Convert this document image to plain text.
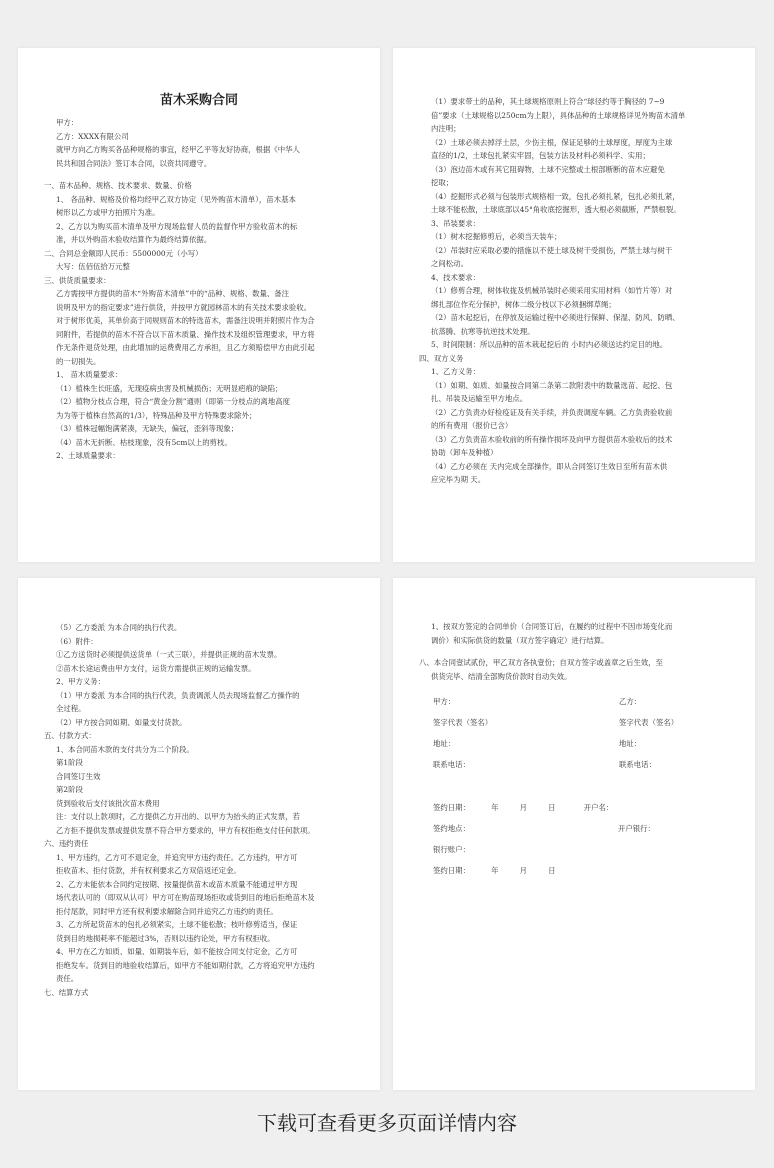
苗木采购合同
甲方：
乙方：XXXX有限公司
就甲方向乙方购买各品种规格的事宜，经甲乙平等友好协商，根据《中华人
民共和国合同法》签订本合同，以资共同遵守。
一、苗木品种、规格、技术要求、数量、价格
1、 各品种、规格及价格均经甲乙双方协定（见外购苗木清单），苗木基本
树形以乙方或甲方拍照片为准。
2、乙方以为购买苗木清单及甲方现场监督人员的监督作甲方验收苗木的标
准，并以外购苗木验收结算作为最终结算依据。
二、合同总金额即人民币：5500000元（小写）
大写：伍佰伍拾万元整
三、供货质量要求：
乙方需按甲方提供的苗木“外购苗木清单”中的“品种、规格、数量、备注
说明及甲方的指定要求”进行供货，并按甲方就园林苗木的有关技术要求验收。
对于树形优美，其单价高于同规则苗木的特选苗木，需备注说明并附照片作为合
同附件，若提供的苗木不符合以下苗木质量、操作技术及组织管理要求，甲方将
作无条件退货处理，由此增加的运费费用乙方承担，且乙方须赔偿甲方由此引起
的一切损失。
1、 苗木质量要求：
（1）植株生长旺盛，无现疫病虫害及机械损伤；无明显疤痕的缺陷；
（2）植物分枝点合理，符合“黄金分割”通则（即第一分枝点的离地高度
为为等于植株自然高的1/3），特殊品种及甲方特殊要求除外；
（3）植株冠幅饱满紧凑，无缺失，偏冠，歪斜等现象；
（4）苗木无折断、枯枝现象，没有5cm以上的剪枝。
2、土球质量要求：
（1）要求带土的品种，其土球规格原则上符合“球径约等于胸径的 7~9
倍”要求（土球规格以250cm为上限），具体品种的土球规格详见外购苗木清单
内注明；
（2）土球必须去掉浮土层，少伤主根，保证足够的土球厚度，厚度为主球
直径的1/2，土球包扎紧实牢固，包装方法及材料必须科学、实用；
（3）泡边苗木或有其它阻碍物，土球不完整或土根部断断的苗木应避免
挖取；
（4）挖掘形式必须与包装形式规格相一致，包扎必须扎紧，包扎必须扎紧，
土球不能松散，土球底部以45°角收底挖掘形，透大根必须截断，严禁根裂。
3、吊装要求：
（1）树木挖掘修剪后，必须当天装车；
（2）吊装时应采取必要的措施以不使土球及树干受损伤，严禁土球与树干
之间松动。
4、技术要求：
（1）修剪合理，树体收拢及机械吊装时必须采用实用材料（如竹片等）对
绑扎部位作充分保护，树体二级分枝以下必须捆绑草绳；
（2）苗木起挖后，在停放及运输过程中必须进行保鲜、保湿、防风、防晒、
抗蒸腾、抗寒等抗逆技术处理。
5、时间限制：所以品种的苗木栽起挖后的 小时内必须送达约定目的地。
四、双方义务
1、乙方义务：
（1）如期、如质、如量按合同第二条第二款附表中的数量选苗、起挖、包
扎、吊装及运输至甲方地点。
（2）乙方负责办好检疫证及有关手续，并负责调度车辆。乙方负责验收前
的所有费用（报价已含）
（3）乙方负责苗木验收前的所有操作损坏及向甲方提供苗木验收后的技术
协助（卸车及种植）
（4）乙方必须在 天内完成全部操作，即从合同签订生效日至所有苗木供
应完毕为期 天。
（5）乙方委派 为本合同的执行代表。
（6）附件：
①乙方送货时必须提供送货单（一式三联），并提供正规的苗木发票。
②苗木长途运费由甲方支付，运货方需提供正规的运输发票。
2、甲方义务：
（1）甲方委派 为本合同的执行代表，负责调派人员去现场监督乙方操作的
全过程。
（2）甲方按合同如期、如量支付货款。
五、付款方式：
1、本合同苗木款的支付共分为二个阶段。
第1阶段
合同签订生效
第2阶段
货到验收后支付该批次苗木费用
注：支付以上款项时，乙方提供乙方开出的、以甲方为抬头的正式发票，若
乙方拒不提供发票或提供发票不符合甲方要求的，甲方有权拒绝支付任何款项。
六、违约责任
1、甲方违约，乙方可不退定金，并追究甲方违约责任。乙方违约，甲方可
拒收苗木、拒付货款，并有权利要求乙方双倍返还定金。
2、乙方未能依本合同约定按期、按量提供苗木或苗木质量不能通过甲方现
场代表认可的（即双从认可）甲方可在购苗现场拒收或货到目的地后拒绝苗木及
拒付尾款，同时甲方还有权利要求解除合同并追究乙方违约的责任。
3、乙方所起货苗木的包扎必须紧实，土球不能松散；枝叶修剪适当，保证
货到目的地损耗率不能超过3%，否则以违约论处，甲方有权拒收。
4、甲方在乙方如质、如量、如期装车后，如不能按合同支付定金，乙方可
拒绝发车。货到目的地验收结算后，如甲方不能如期付款，乙方将追究甲方违约
责任。
七、结算方式
1、按双方签定的合同单价（合同签订后，在履约的过程中不因市场变化而
调价）和实际供货的数量（双方签字确定）进行结算。
八、本合同壹试贰份，甲乙双方各执壹份；自双方签字或盖章之后生效，至
供货完毕、结清全部购货价款时自动失效。
甲方：	乙方：
签字代表（签名）	签字代表（签名）
地址：	地址：
联系电话：	联系电话：
签约日期：         年         月         日            开户名：
签约地点：                                                               开户银行：
银行账户：
签约日期：         年         月         日
下载可查看更多页面详情内容
